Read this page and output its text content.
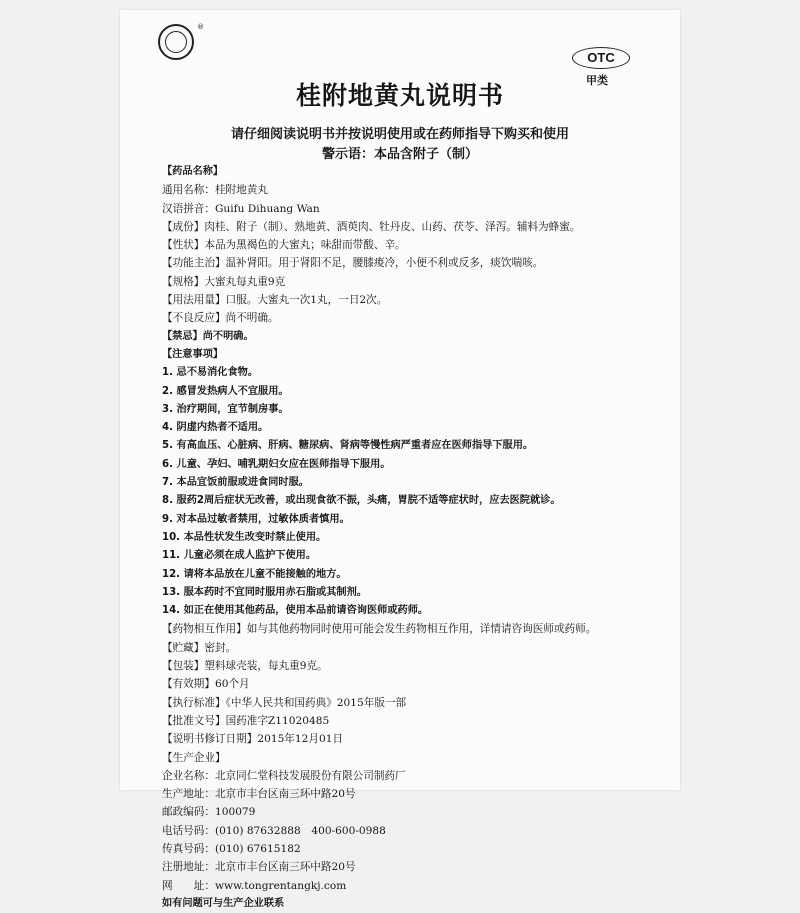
®
OTC
甲类
桂附地黄丸说明书
请仔细阅读说明书并按说明使用或在药师指导下购买和使用
警示语：本品含附子（制）
【药品名称】
通用名称：桂附地黄丸
汉语拼音：Guifu Dihuang Wan
【成份】肉桂、附子（制）、熟地黄、酒萸肉、牡丹皮、山药、茯苓、泽泻。辅料为蜂蜜。
【性状】本品为黑褐色的大蜜丸；味甜而带酸、辛。
【功能主治】温补肾阳。用于肾阳不足，腰膝痠冷，小便不利或反多，痰饮喘咳。
【规格】大蜜丸每丸重9克
【用法用量】口服。大蜜丸一次1丸，一日2次。
【不良反应】尚不明确。
【禁忌】尚不明确。
【注意事项】
1. 忌不易消化食物。
2. 感冒发热病人不宜服用。
3. 治疗期间，宜节制房事。
4. 阴虚内热者不适用。
5. 有高血压、心脏病、肝病、糖尿病、肾病等慢性病严重者应在医师指导下服用。
6. 儿童、孕妇、哺乳期妇女应在医师指导下服用。
7. 本品宜饭前服或进食同时服。
8. 服药2周后症状无改善，或出现食欲不振，头痛，胃脘不适等症状时，应去医院就诊。
9. 对本品过敏者禁用，过敏体质者慎用。
10. 本品性状发生改变时禁止使用。
11. 儿童必须在成人监护下使用。
12. 请将本品放在儿童不能接触的地方。
13. 服本药时不宜同时服用赤石脂或其制剂。
14. 如正在使用其他药品，使用本品前请咨询医师或药师。
【药物相互作用】如与其他药物同时使用可能会发生药物相互作用，详情请咨询医师或药师。
【贮藏】密封。
【包装】塑料球壳装，每丸重9克。
【有效期】60个月
【执行标准】《中华人民共和国药典》2015年版一部
【批准文号】国药准字Z11020485
【说明书修订日期】2015年12月01日
【生产企业】
企业名称：北京同仁堂科技发展股份有限公司制药厂
生产地址：北京市丰台区南三环中路20号
邮政编码：100079
电话号码：(010) 87632888　400-600-0988
传真号码：(010) 67615182
注册地址：北京市丰台区南三环中路20号
网　　址：www.tongrentangkj.com
如有问题可与生产企业联系
